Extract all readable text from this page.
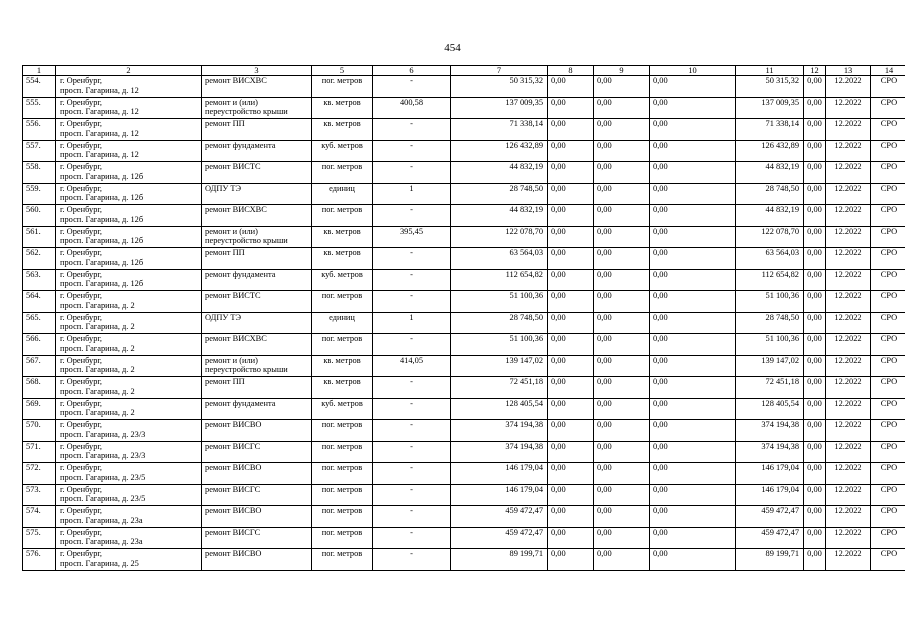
454
1	2	3	5	6	7	8	9	10	11	12	13	14
554.	г. Оренбург,
просп. Гагарина, д. 12	ремонт ВИСХВС	пог. метров	-	50 315,32	0,00	0,00	0,00	50 315,32	0,00	12.2022	СРО
555.	г. Оренбург,
просп. Гагарина, д. 12	ремонт и (или)
переустройство крыши	кв. метров	400,58	137 009,35	0,00	0,00	0,00	137 009,35	0,00	12.2022	СРО
556.	г. Оренбург,
просп. Гагарина, д. 12	ремонт ПП	кв. метров	-	71 338,14	0,00	0,00	0,00	71 338,14	0,00	12.2022	СРО
557.	г. Оренбург,
просп. Гагарина, д. 12	ремонт фундамента	куб. метров	-	126 432,89	0,00	0,00	0,00	126 432,89	0,00	12.2022	СРО
558.	г. Оренбург,
просп. Гагарина, д. 12б	ремонт ВИСТС	пог. метров	-	44 832,19	0,00	0,00	0,00	44 832,19	0,00	12.2022	СРО
559.	г. Оренбург,
просп. Гагарина, д. 12б	ОДПУ ТЭ	единиц	1	28 748,50	0,00	0,00	0,00	28 748,50	0,00	12.2022	СРО
560.	г. Оренбург,
просп. Гагарина, д. 12б	ремонт ВИСХВС	пог. метров	-	44 832,19	0,00	0,00	0,00	44 832,19	0,00	12.2022	СРО
561.	г. Оренбург,
просп. Гагарина, д. 12б	ремонт и (или)
переустройство крыши	кв. метров	395,45	122 078,70	0,00	0,00	0,00	122 078,70	0,00	12.2022	СРО
562.	г. Оренбург,
просп. Гагарина, д. 12б	ремонт ПП	кв. метров	-	63 564,03	0,00	0,00	0,00	63 564,03	0,00	12.2022	СРО
563.	г. Оренбург,
просп. Гагарина, д. 12б	ремонт фундамента	куб. метров	-	112 654,82	0,00	0,00	0,00	112 654,82	0,00	12.2022	СРО
564.	г. Оренбург,
просп. Гагарина, д. 2	ремонт ВИСТС	пог. метров	-	51 100,36	0,00	0,00	0,00	51 100,36	0,00	12.2022	СРО
565.	г. Оренбург,
просп. Гагарина, д. 2	ОДПУ ТЭ	единиц	1	28 748,50	0,00	0,00	0,00	28 748,50	0,00	12.2022	СРО
566.	г. Оренбург,
просп. Гагарина, д. 2	ремонт ВИСХВС	пог. метров	-	51 100,36	0,00	0,00	0,00	51 100,36	0,00	12.2022	СРО
567.	г. Оренбург,
просп. Гагарина, д. 2	ремонт и (или)
переустройство крыши	кв. метров	414,05	139 147,02	0,00	0,00	0,00	139 147,02	0,00	12.2022	СРО
568.	г. Оренбург,
просп. Гагарина, д. 2	ремонт ПП	кв. метров	-	72 451,18	0,00	0,00	0,00	72 451,18	0,00	12.2022	СРО
569.	г. Оренбург,
просп. Гагарина, д. 2	ремонт фундамента	куб. метров	-	128 405,54	0,00	0,00	0,00	128 405,54	0,00	12.2022	СРО
570.	г. Оренбург,
просп. Гагарина, д. 23/3	ремонт ВИСВО	пог. метров	-	374 194,38	0,00	0,00	0,00	374 194,38	0,00	12.2022	СРО
571.	г. Оренбург,
просп. Гагарина, д. 23/3	ремонт ВИСГС	пог. метров	-	374 194,38	0,00	0,00	0,00	374 194,38	0,00	12.2022	СРО
572.	г. Оренбург,
просп. Гагарина, д. 23/5	ремонт ВИСВО	пог. метров	-	146 179,04	0,00	0,00	0,00	146 179,04	0,00	12.2022	СРО
573.	г. Оренбург,
просп. Гагарина, д. 23/5	ремонт ВИСГС	пог. метров	-	146 179,04	0,00	0,00	0,00	146 179,04	0,00	12.2022	СРО
574.	г. Оренбург,
просп. Гагарина, д. 23а	ремонт ВИСВО	пог. метров	-	459 472,47	0,00	0,00	0,00	459 472,47	0,00	12.2022	СРО
575.	г. Оренбург,
просп. Гагарина, д. 23а	ремонт ВИСГС	пог. метров	-	459 472,47	0,00	0,00	0,00	459 472,47	0,00	12.2022	СРО
576.	г. Оренбург,
просп. Гагарина, д. 25	ремонт ВИСВО	пог. метров	-	89 199,71	0,00	0,00	0,00	89 199,71	0,00	12.2022	СРО
